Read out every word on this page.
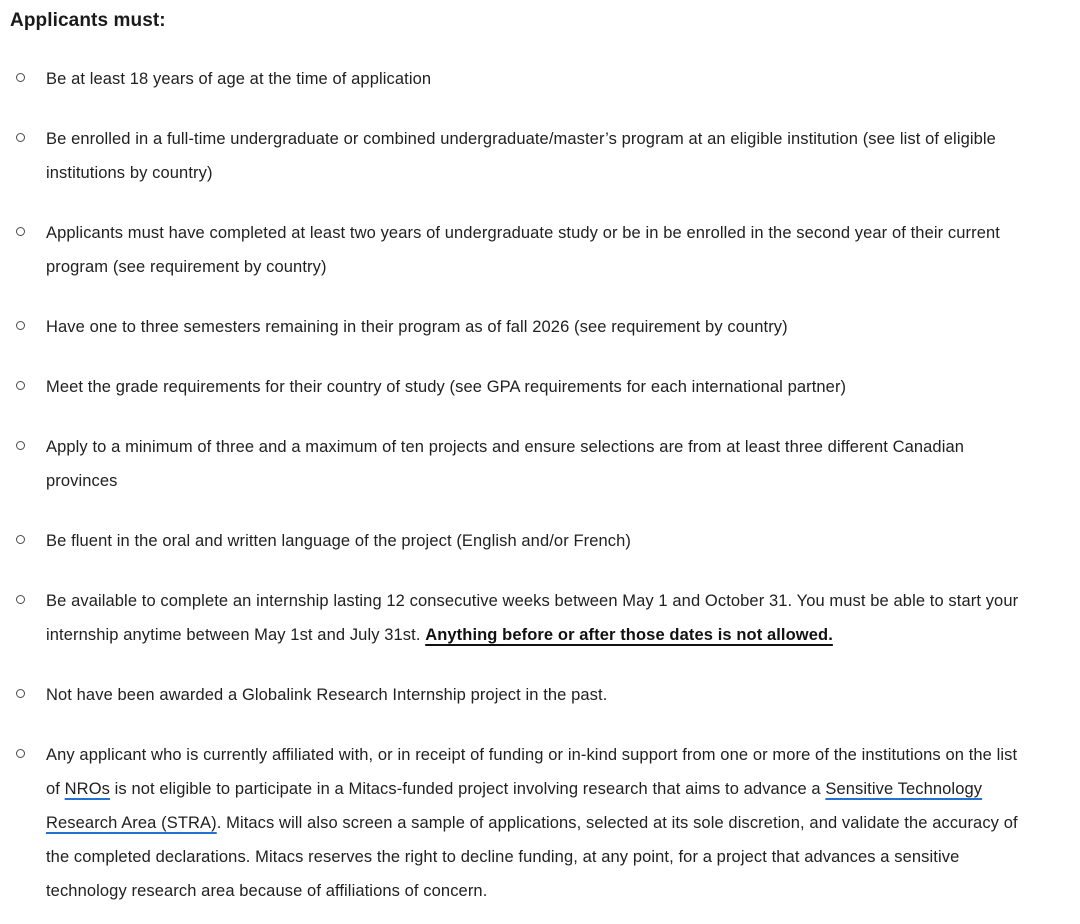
Applicants must:
Be at least 18 years of age at the time of application
Be enrolled in a full-time undergraduate or combined undergraduate/master’s program at an eligible institution (see list of eligible institutions by country)
Applicants must have completed at least two years of undergraduate study or be in be enrolled in the second year of their current program (see requirement by country)
Have one to three semesters remaining in their program as of fall 2026 (see requirement by country)
Meet the grade requirements for their country of study (see GPA requirements for each international partner)
Apply to a minimum of three and a maximum of ten projects and ensure selections are from at least three different Canadian provinces
Be fluent in the oral and written language of the project (English and/or French)
Be available to complete an internship lasting 12 consecutive weeks between May 1 and October 31. You must be able to start your internship anytime between May 1st and July 31st. Anything before or after those dates is not allowed.
Not have been awarded a Globalink Research Internship project in the past.
Any applicant who is currently affiliated with, or in receipt of funding or in-kind support from one or more of the institutions on the list of NROs is not eligible to participate in a Mitacs-funded project involving research that aims to advance a Sensitive Technology Research Area (STRA). Mitacs will also screen a sample of applications, selected at its sole discretion, and validate the accuracy of the completed declarations. Mitacs reserves the right to decline funding, at any point, for a project that advances a sensitive technology research area because of affiliations of concern.
